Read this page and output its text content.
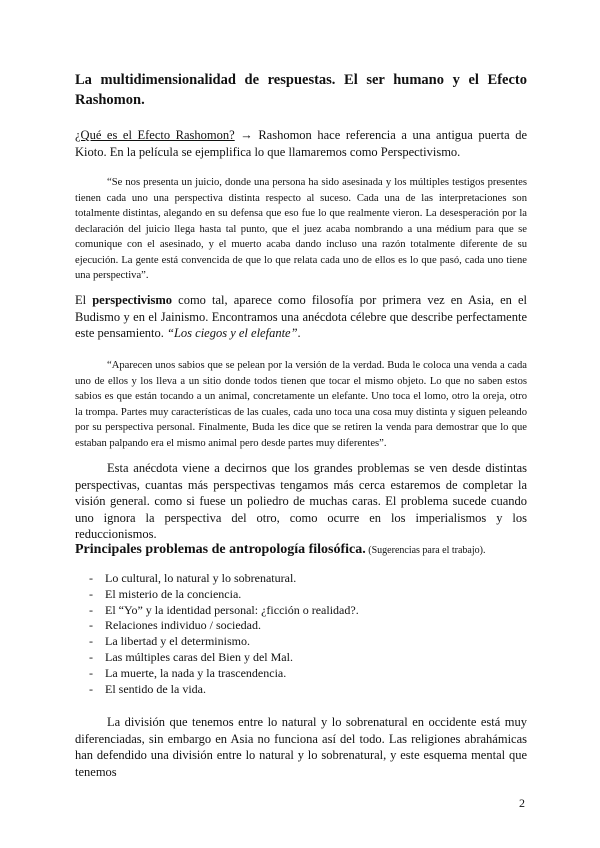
La multidimensionalidad de respuestas. El ser humano y el Efecto Rashomon.

¿Qué es el Efecto Rashomon? → Rashomon hace referencia a una antigua puerta de Kioto. En la película se ejemplifica lo que llamaremos como Perspectivismo.

“Se nos presenta un juicio, donde una persona ha sido asesinada y los múltiples testigos presentes tienen cada uno una perspectiva distinta respecto al suceso. Cada una de las interpretaciones son totalmente distintas, alegando en su defensa que eso fue lo que realmente vieron. La desesperación por la declaración del juicio llega hasta tal punto, que el juez acaba nombrando a una médium para que se comunique con el asesinado, y el muerto acaba dando incluso una razón totalmente diferente de su ejecución. La gente está convencida de que lo que relata cada uno de ellos es lo que pasó, cada uno tiene una perspectiva”.

El perspectivismo como tal, aparece como filosofía por primera vez en Asia, en el Budismo y en el Jainismo. Encontramos una anécdota célebre que describe perfectamente este pensamiento. “Los ciegos y el elefante”.

“Aparecen unos sabios que se pelean por la versión de la verdad. Buda le coloca una venda a cada uno de ellos y los lleva a un sitio donde todos tienen que tocar el mismo objeto. Lo que no saben estos sabios es que están tocando a un animal, concretamente un elefante. Uno toca el lomo, otro la oreja, otro la trompa. Partes muy características de las cuales, cada uno toca una cosa muy distinta y siguen peleando por su perspectiva personal. Finalmente, Buda les dice que se retiren la venda para demostrar que lo que estaban palpando era el mismo animal pero desde partes muy diferentes”.

Esta anécdota viene a decirnos que los grandes problemas se ven desde distintas perspectivas, cuantas más perspectivas tengamos más cerca estaremos de completar la visión general. como si fuese un poliedro de muchas caras. El problema sucede cuando uno ignora la perspectiva del otro, como ocurre en los imperialismos y los reduccionismos.

Principales problemas de antropología filosófica. (Sugerencias para el trabajo).
- Lo cultural, lo natural y lo sobrenatural.
- El misterio de la conciencia.
- El “Yo” y la identidad personal: ¿ficción o realidad?.
- Relaciones individuo / sociedad.
- La libertad y el determinismo.
- Las múltiples caras del Bien y del Mal.
- La muerte, la nada y la trascendencia.
- El sentido de la vida.

La división que tenemos entre lo natural y lo sobrenatural en occidente está muy diferenciadas, sin embargo en Asia no funciona así del todo. Las religiones abrahámicas han defendido una división entre lo natural y lo sobrenatural, y este esquema mental que tenemos

2
